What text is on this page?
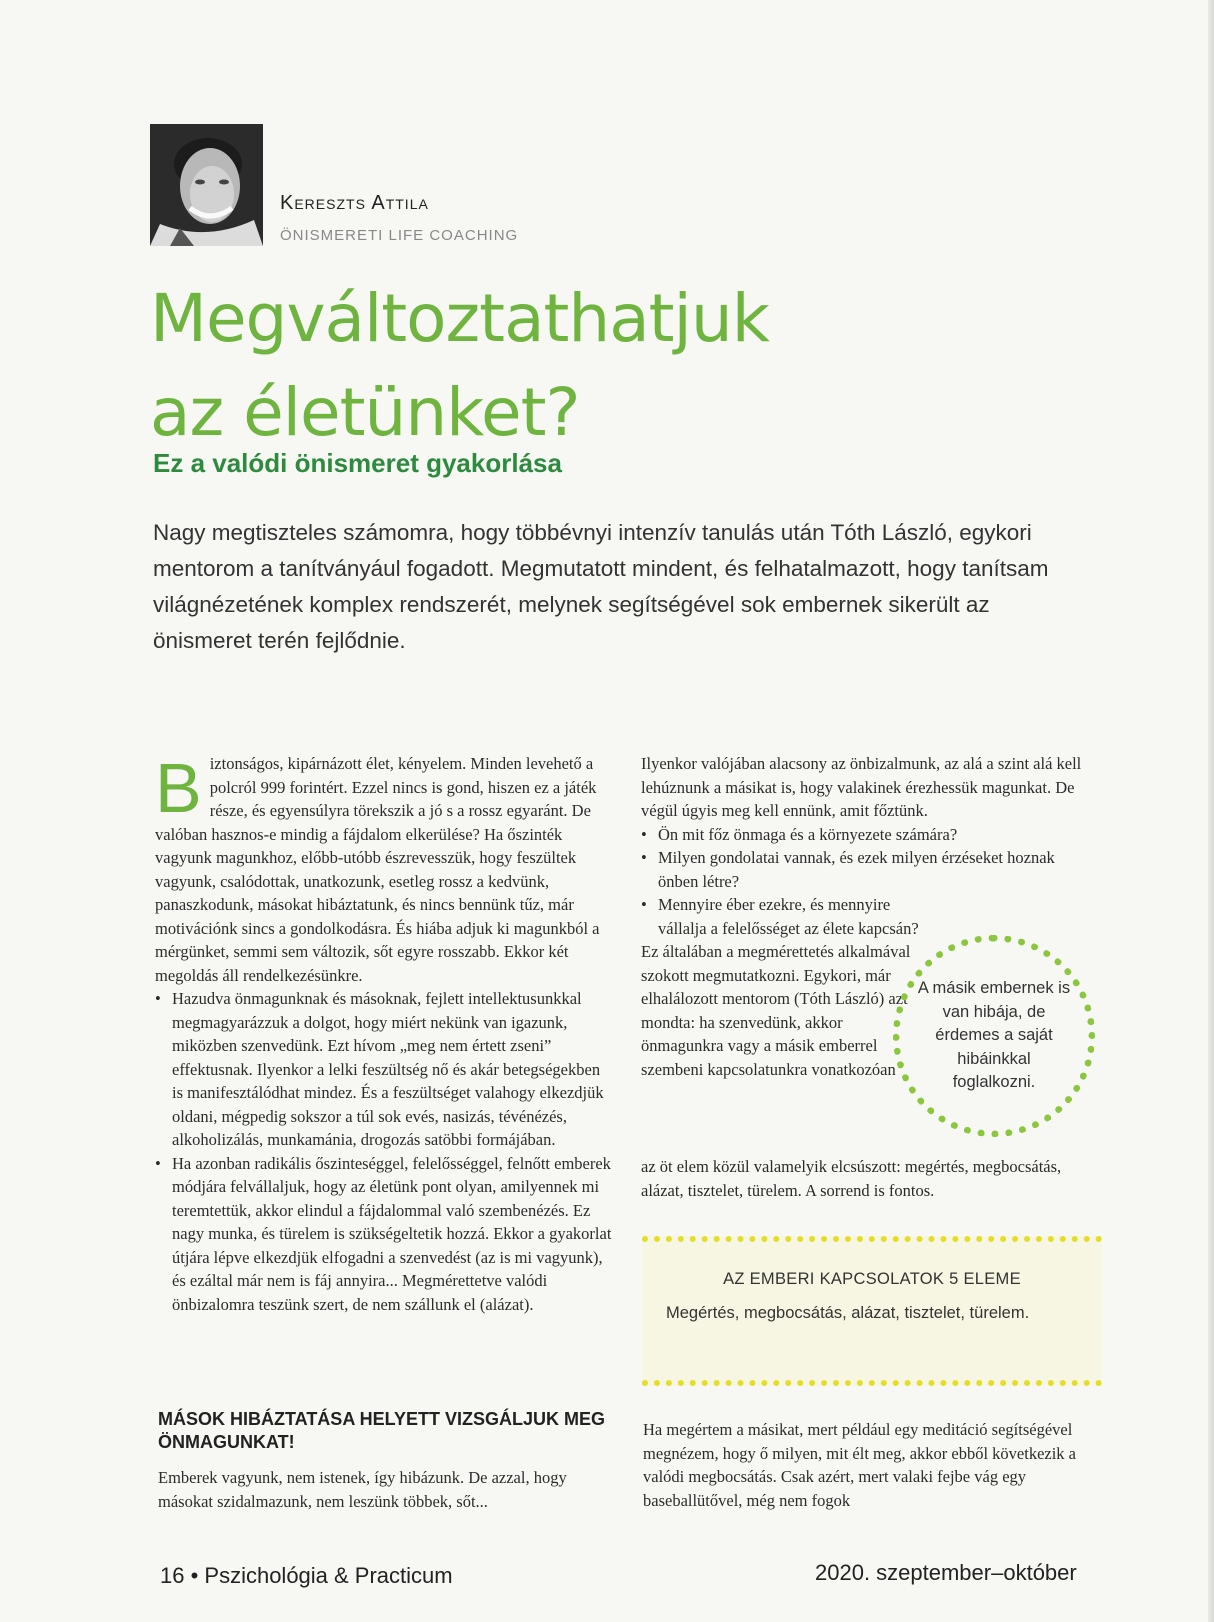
Kereszts Attila
ÖNISMERETI LIFE COACHING
Megváltoztathatjuk
az életünket?
Ez a valódi önismeret gyakorlása

Nagy megtiszteles számomra, hogy többévnyi intenzív tanulás után Tóth László, egykori mentorom a tanítványául fogadott. Megmutatott mindent, és felhatalmazott, hogy tanítsam világnézetének komplex rendszerét, melynek segítségével sok embernek sikerült az önismeret terén fejlődnie.

B iztonságos, kipárnázott élet, kényelem. Minden levehető a polcról 999 forintért. Ezzel nincs is gond, hiszen ez a játék része, és egyensúlyra törekszik a jó s a rossz egyaránt. De valóban hasznos-e mindig a fájdalom elkerülése? Ha őszinték vagyunk magunkhoz, előbb-utóbb észrevesszük, hogy feszültek vagyunk, csalódottak, unatkozunk, esetleg rossz a kedvünk, panaszkodunk, másokat hibáztatunk, és nincs bennünk tűz, már motivációnk sincs a gondolkodásra. És hiába adjuk ki magunkból a mérgünket, semmi sem változik, sőt egyre rosszabb. Ekkor két megoldás áll rendelkezésünkre.

• Hazudva önmagunknak és másoknak, fejlett intellektusunkkal megmagyarázzuk a dolgot, hogy miért nekünk van igazunk, miközben szenvedünk. Ezt hívom „meg nem értett zseni” effektusnak. Ilyenkor a lelki feszültség nő és akár betegségekben is manifesztálódhat mindez. És a feszültséget valahogy elkezdjük oldani, mégpedig sokszor a túl sok evés, nasizás, tévénézés, alkoholizálás, munkamánia, drogozás satöbbi formájában.

• Ha azonban radikális őszinteséggel, felelősséggel, felnőtt emberek módjára felvállaljuk, hogy az életünk pont olyan, amilyennek mi teremtettük, akkor elindul a fájdalommal való szembenézés. Ez nagy munka, és türelem is szükségeltetik hozzá. Ekkor a gyakorlat útjára lépve elkezdjük elfogadni a szenvedést (az is mi vagyunk), és ezáltal már nem is fáj annyira... Megmérettetve valódi önbizalomra teszünk szert, de nem szállunk el (alázat).

MÁSOK HIBÁZTATÁSA HELYETT VIZSGÁLJUK MEG ÖNMAGUNKAT!

Emberek vagyunk, nem istenek, így hibázunk. De azzal, hogy másokat szidalmazunk, nem leszünk többek, sőt...

Ilyenkor valójában alacsony az önbizalmunk, az alá a szint alá kell lehúznunk a másikat is, hogy valakinek érezhessük magunkat. De végül úgyis meg kell ennünk, amit főztünk.

• Ön mit főz önmaga és a környezete számára?

• Milyen gondolatai vannak, és ezek milyen érzéseket hoznak önben létre?

• Mennyire éber ezekre, és mennyire vállalja a felelősséget az élete kapcsán?

Ez általában a megmérettetés alkalmával szokott megmutatkozni. Egykori, már elhalálozott mentorom (Tóth László) azt mondta: ha szenvedünk, akkor önmagunkra vagy a másik emberrel szembeni kapcsolatunkra vonatkozóan

A másik embernek is van hibája, de érdemes a saját hibáinkkal foglalkozni.
az öt elem közül valamelyik elcsúszott: megértés, megbocsátás, alázat, tisztelet, türelem. A sorrend is fontos.
AZ EMBERI KAPCSOLATOK 5 ELEME
Megértés, megbocsátás, alázat, tisztelet, türelem.

Ha megértem a másikat, mert például egy meditáció segítségével megnézem, hogy ő milyen, mit élt meg, akkor ebből következik a valódi megbocsátás. Csak azért, mert valaki fejbe vág egy baseballütővel, még nem fogok

16 • Pszichológia & Practicum	2020. szeptember–október
